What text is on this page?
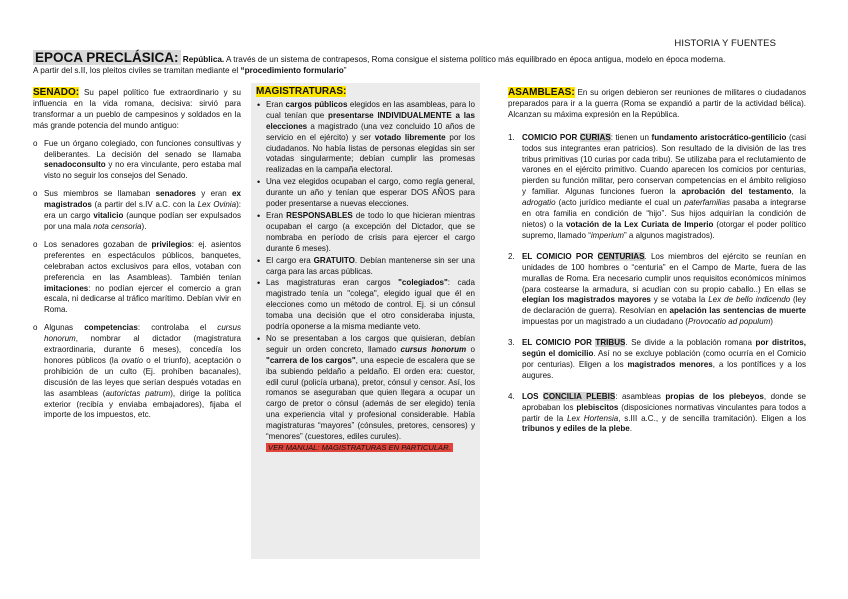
HISTORIA Y FUENTES
EPOCA PRECLÁSICA: República. A través de un sistema de contrapesos, Roma consigue el sistema político más equilibrado en época antigua, modelo en época moderna.
A partir del s.II, los pleitos civiles se tramitan mediante el “procedimiento formulario”

SENADO: Su papel político fue extraordinario y su influencia en la vida romana, decisiva: sirvió para transformar a un pueblo de campesinos y soldados en la más grande potencia del mundo antiguo:

o Fue un órgano colegiado, con funciones consultivas y deliberantes. La decisión del senado se llamaba senadoconsulto y no era vinculante, pero estaba mal visto no seguir los consejos del Senado.
o Sus miembros se llamaban senadores y eran ex magistrados (a partir del s.IV a.C. con la Lex Ovinia): era un cargo vitalicio (aunque podían ser expulsados por una mala nota censoria).
o Los senadores gozaban de privilegios: ej. asientos preferentes en espectáculos públicos, banquetes, celebraban actos exclusivos para ellos, votaban con preferencia en las Asambleas). También tenían imitaciones: no podían ejercer el comercio a gran escala, ni dedicarse al tráfico marítimo. Debían vivir en Roma.
o Algunas competencias: controlaba el cursus honorum, nombrar al dictador (magistratura extraordinaria, durante 6 meses), concedía los honores públicos (la ovatio o el triunfo), aceptación o prohibición de un culto (Ej. prohíben bacanales), discusión de las leyes que serían después votadas en las asambleas (autorictas patrum), dirige la política exterior (recibía y enviaba embajadores), fijaba el importe de los impuestos, etc.

MAGISTRATURAS:

• Eran cargos públicos elegidos en las asambleas, para lo cual tenían que presentarse INDIVIDUALMENTE a las elecciones a magistrado (una vez concluido 10 años de servicio en el ejército) y ser votado libremente por los ciudadanos. No había listas de personas elegidas sin ser votadas singularmente; debían cumplir las promesas realizadas en la campaña electoral.
• Una vez elegidos ocupaban el cargo, como regla general, durante un año y tenían que esperar DOS AÑOS para poder presentarse a nuevas elecciones.
• Eran RESPONSABLES de todo lo que hicieran mientras ocupaban el cargo (a excepción del Dictador, que se nombraba en período de crisis para ejercer el cargo durante 6 meses).
• El cargo era GRATUITO. Debían mantenerse sin ser una carga para las arcas públicas.
• Las magistraturas eran cargos "colegiados": cada magistrado tenía un "colega", elegido igual que él en elecciones como un método de control. Ej. si un cónsul tomaba una decisión que el otro consideraba injusta, podría oponerse a la misma mediante veto.
• No se presentaban a los cargos que quisieran, debían seguir un orden concreto, llamado cursus honorum o "carrera de los cargos", una especie de escalera que se iba subiendo peldaño a peldaño. El orden era: cuestor, edil curul (policía urbana), pretor, cónsul y censor. Así, los romanos se aseguraban que quien llegara a ocupar un cargo de pretor o cónsul (además de ser elegido) tenía una experiencia vital y profesional considerable. Había magistraturas “mayores” (cónsules, pretores, censores) y “menores” (cuestores, ediles curules).
VER MANUAL: MAGISTRATURAS EN PARTICULAR.

ASAMBLEAS: En su origen debieron ser reuniones de militares o ciudadanos preparados para ir a la guerra (Roma se expandió a partir de la actividad bélica). Alcanzan su máxima expresión en la República.

1. COMICIO POR CURIAS: tienen un fundamento aristocrático-gentilicio (casi todos sus integrantes eran patricios). Son resultado de la división de las tres tribus primitivas (10 curias por cada tribu). Se utilizaba para el reclutamiento de varones en el ejército primitivo. Cuando aparecen los comicios por centurias, pierden su función militar, pero conservan competencias en el ámbito religioso y familiar. Algunas funciones fueron la aprobación del testamento, la adrogatio (acto jurídico mediante el cual un paterfamilias pasaba a integrarse en otra familia en condición de “hijo”. Sus hijos adquirían la condición de nietos) o la votación de la Lex Curiata de Imperio (otorgar el poder político supremo, llamado “imperium” a algunos magistrados).
2. EL COMICIO POR CENTURIAS. Los miembros del ejército se reunían en unidades de 100 hombres o “centuria” en el Campo de Marte, fuera de las murallas de Roma. Era necesario cumplir unos requisitos económicos mínimos (para costearse la armadura, si acudían con su propio caballo..) En ellas se elegían los magistrados mayores y se votaba la Lex de bello indicendo (ley de declaración de guerra). Resolvían en apelación las sentencias de muerte impuestas por un magistrado a un ciudadano (Provocatio ad populum)
3. EL COMICIO POR TRIBUS. Se divide a la población romana por distritos, según el domicilio. Así no se excluye población (como ocurría en el Comicio por centurias). Eligen a los magistrados menores, a los pontífices y a los augures.
4. LOS CONCILIA PLEBIS: asambleas propias de los plebeyos, donde se aprobaban los plebiscitos (disposiciones normativas vinculantes para todos a partir de la Lex Hortensia, s.III a.C., y de sencilla tramitación). Eligen a los tribunos y ediles de la plebe.
